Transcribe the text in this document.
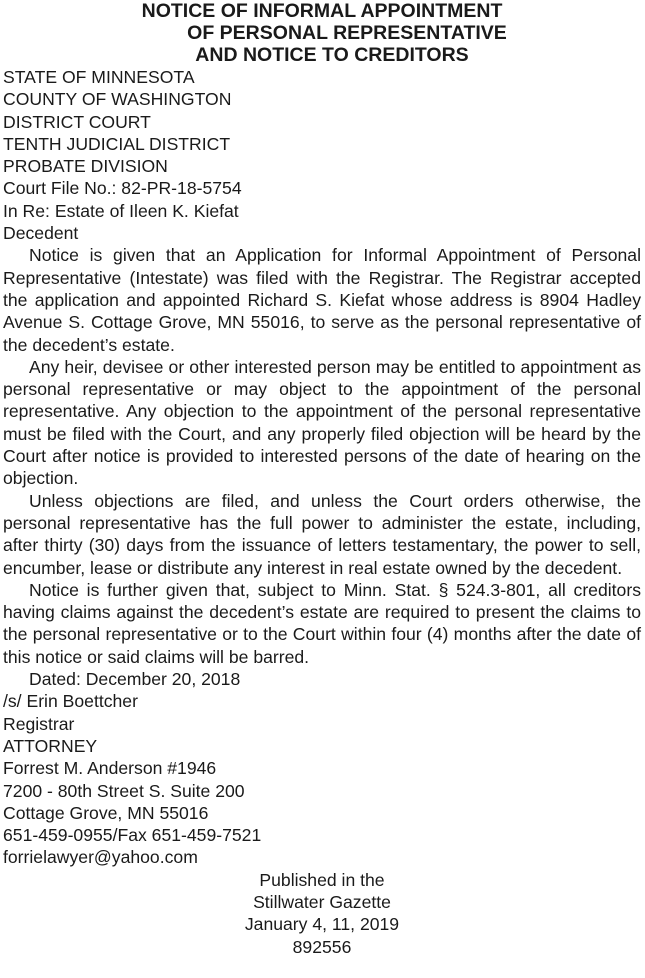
NOTICE OF INFORMAL APPOINTMENT
OF PERSONAL REPRESENTATIVE
AND NOTICE TO CREDITORS
STATE OF MINNESOTA
COUNTY OF WASHINGTON
DISTRICT COURT
TENTH JUDICIAL DISTRICT
PROBATE DIVISION
Court File No.: 82-PR-18-5754
In Re: Estate of Ileen K. Kiefat
Decedent

Notice is given that an Application for Informal Appointment of Personal Representative (Intestate) was filed with the Registrar. The Registrar accepted the application and appointed Richard S. Kiefat whose address is 8904 Hadley Avenue S. Cottage Grove, MN 55016, to serve as the personal representative of the decedent’s estate.

Any heir, devisee or other interested person may be entitled to appointment as personal representative or may object to the appointment of the personal representative. Any objection to the appointment of the personal representative must be filed with the Court, and any properly filed objection will be heard by the Court after notice is provided to interested persons of the date of hearing on the objection.

Unless objections are filed, and unless the Court orders otherwise, the personal representative has the full power to administer the estate, including, after thirty (30) days from the issuance of letters testamentary, the power to sell, encumber, lease or distribute any interest in real estate owned by the decedent.

Notice is further given that, subject to Minn. Stat. § 524.3-801, all creditors having claims against the decedent’s estate are required to present the claims to the personal representative or to the Court within four (4) months after the date of this notice or said claims will be barred.

Dated: December 20, 2018
/s/ Erin Boettcher
Registrar
ATTORNEY
Forrest M. Anderson #1946
7200 - 80th Street S. Suite 200
Cottage Grove, MN 55016
651-459-0955/Fax 651-459-7521
forrielawyer@yahoo.com
Published in the
Stillwater Gazette
January 4, 11, 2019
892556
